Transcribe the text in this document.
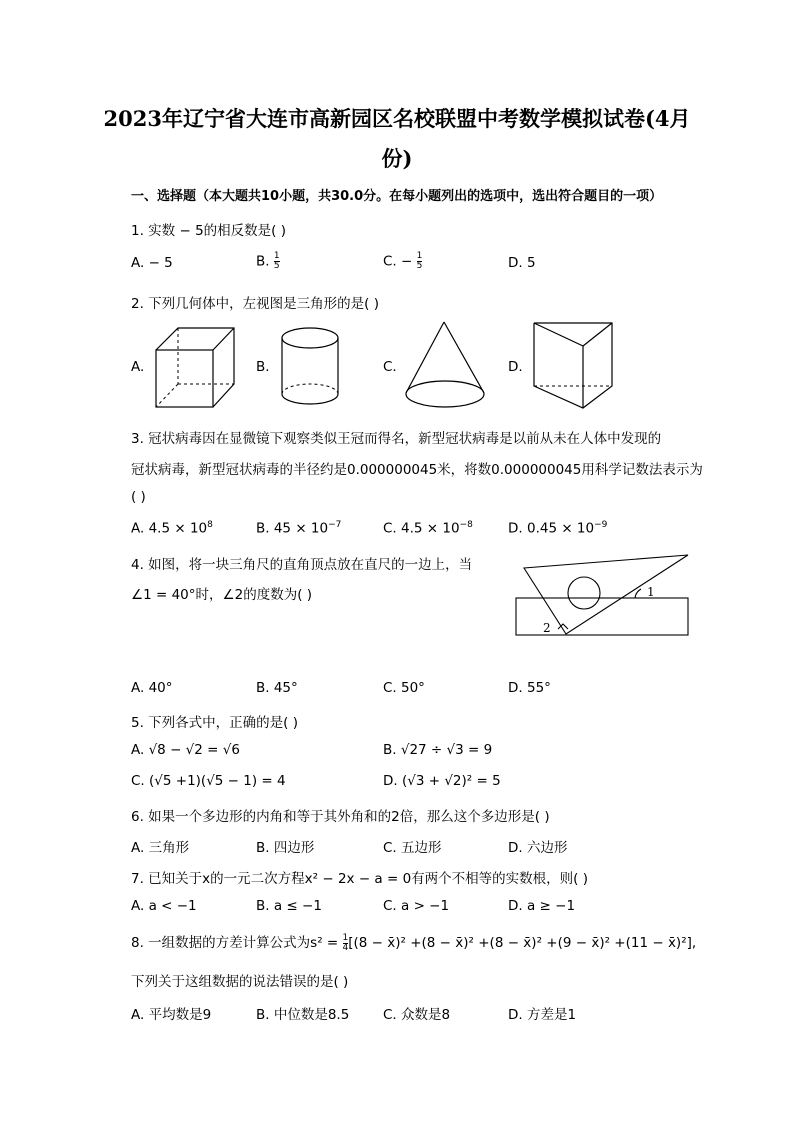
2023年辽宁省大连市高新园区名校联盟中考数学模拟试卷(4月
份)
一、选择题（本大题共10小题，共30.0分。在每小题列出的选项中，选出符合题目的一项）
1. 实数 − 5的相反数是( )
A. − 5	B. $\frac{1}{5}$	C. − $\frac{1}{5}$	D. 5
2. 下列几何体中，左视图是三角形的是( )
A.	B.	C.	D.
3. 冠状病毒因在显微镜下观察类似王冠而得名，新型冠状病毒是以前从未在人体中发现的
冠状病毒，新型冠状病毒的半径约是0.000000045米，将数0.000000045用科学记数法表示为
( )
A. $4.5 \times 10^8$	B. $45 \times 10^{-7}$	C. $4.5 \times 10^{-8}$	D. $0.45 \times 10^{-9}$
4. 如图，将一块三角尺的直角顶点放在直尺的一边上，当
∠1 = 40°时，∠2的度数为( )	1
2
A. 40°	B. 45°	C. 50°	D. 55°
5. 下列各式中，正确的是( )
A. √8 − √2 = √6	B. √27 ÷ √3 = 9
C. (√5 +1)(√5 − 1) = 4	D. (√3 + √2)² = 5
6. 如果一个多边形的内角和等于其外角和的2倍，那么这个多边形是( )
A. 三角形	B. 四边形	C. 五边形	D. 六边形
7. 已知关于x的一元二次方程x² − 2x − a = 0有两个不相等的实数根，则( )
A. a < −1	B. a ≤ −1	C. a > −1	D. a ≥ −1
8. 一组数据的方差计算公式为$s^2 = \frac{1}{4} [(8$ − x̄)² +(8 − x̄)² +(8 − x̄)² +(9 − x̄)² +(11 − x̄)²],
下列关于这组数据的说法错误的是( )
A. 平均数是9	B. 中位数是8.5 C. 众数是8	D. 方差是1
